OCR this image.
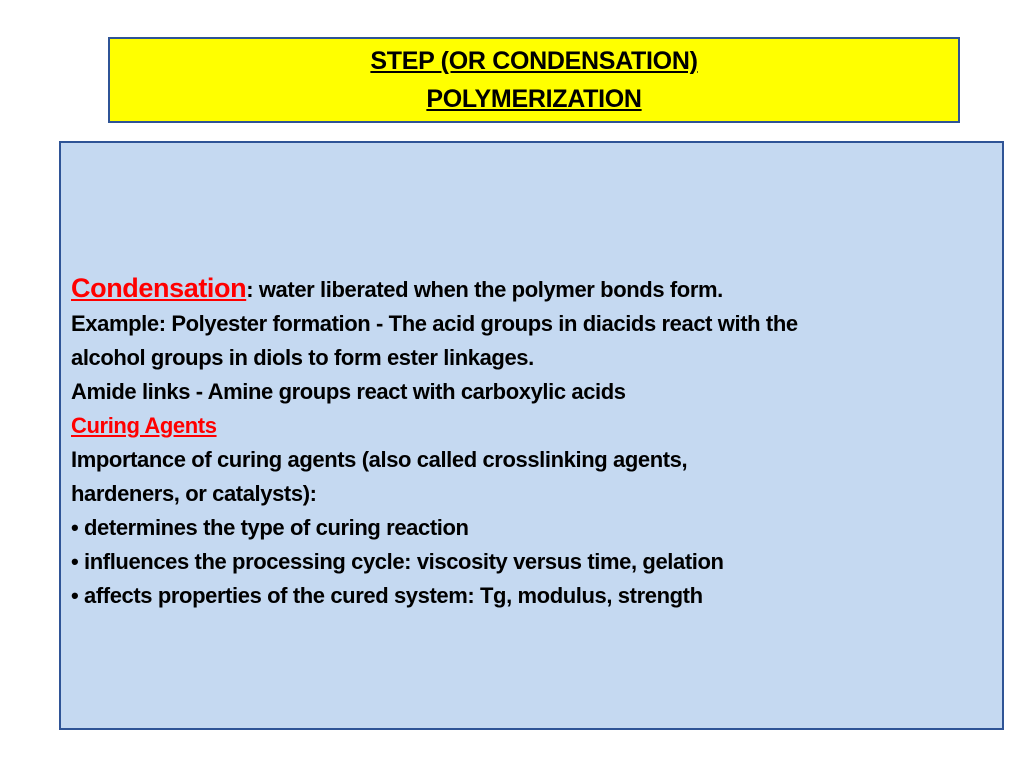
STEP (OR CONDENSATION)
POLYMERIZATION
Condensation: water liberated when the polymer bonds form.
Example: Polyester formation - The acid groups in diacids react with the
alcohol groups in diols to form ester linkages.
Amide links - Amine groups react with carboxylic acids
Curing Agents
Importance of curing agents (also called crosslinking agents,
hardeners, or catalysts):
• determines the type of curing reaction
• influences the processing cycle: viscosity versus time, gelation
• affects properties of the cured system: Tg, modulus, strength
